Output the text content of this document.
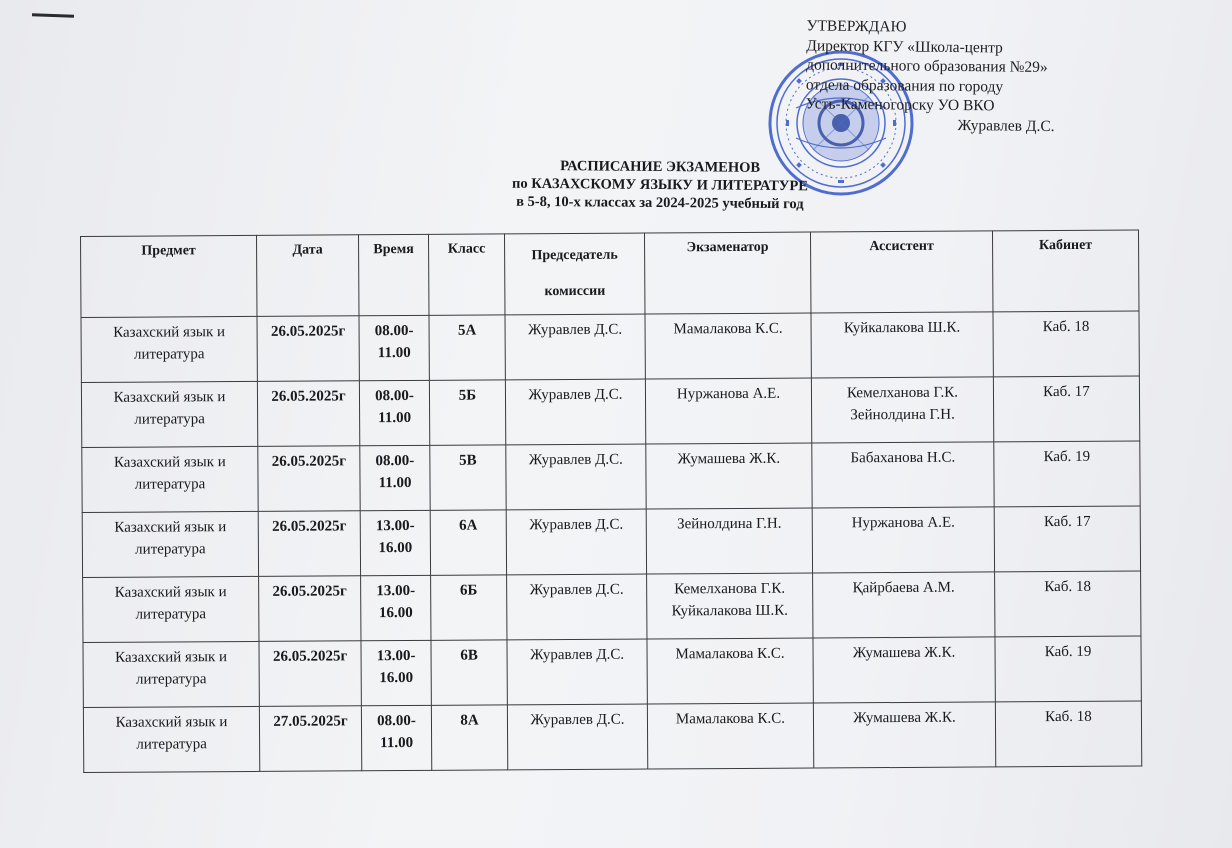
УТВЕРЖДАЮ
Директор КГУ «Школа-центр
дополнительного образования №29»
отдела образования по городу
Усть-Каменогорску УО ВКО
Журавлев Д.С.
РАСПИСАНИЕ ЭКЗАМЕНОВ
по КАЗАХСКОМУ ЯЗЫКУ И ЛИТЕРАТУРЕ
в 5-8, 10-х классах за 2024-2025 учебный год
Предмет	Дата	Время	Класс	Председатель
комиссии	Экзаменатор	Ассистент	Кабинет
Казахский язык и
литература	26.05.2025г	08.00-
11.00	5А	Журавлев Д.С.	Мамалакова К.С.	Куйкалакова Ш.К.	Каб. 18
Казахский язык и
литература	26.05.2025г	08.00-
11.00	5Б	Журавлев Д.С.	Нуржанова А.Е.	Кемелханова Г.К.
Зейнолдина Г.Н.	Каб. 17
Казахский язык и
литература	26.05.2025г	08.00-
11.00	5В	Журавлев Д.С.	Жумашева Ж.К.	Бабаханова Н.С.	Каб. 19
Казахский язык и
литература	26.05.2025г	13.00-
16.00	6А	Журавлев Д.С.	Зейнолдина Г.Н.	Нуржанова А.Е.	Каб. 17
Казахский язык и
литература	26.05.2025г	13.00-
16.00	6Б	Журавлев Д.С.	Кемелханова Г.К.
Куйкалакова Ш.К.	Қайрбаева А.М.	Каб. 18
Казахский язык и
литература	26.05.2025г	13.00-
16.00	6В	Журавлев Д.С.	Мамалакова К.С.	Жумашева Ж.К.	Каб. 19
Казахский язык и
литература	27.05.2025г	08.00-
11.00	8А	Журавлев Д.С.	Мамалакова К.С.	Жумашева Ж.К.	Каб. 18
